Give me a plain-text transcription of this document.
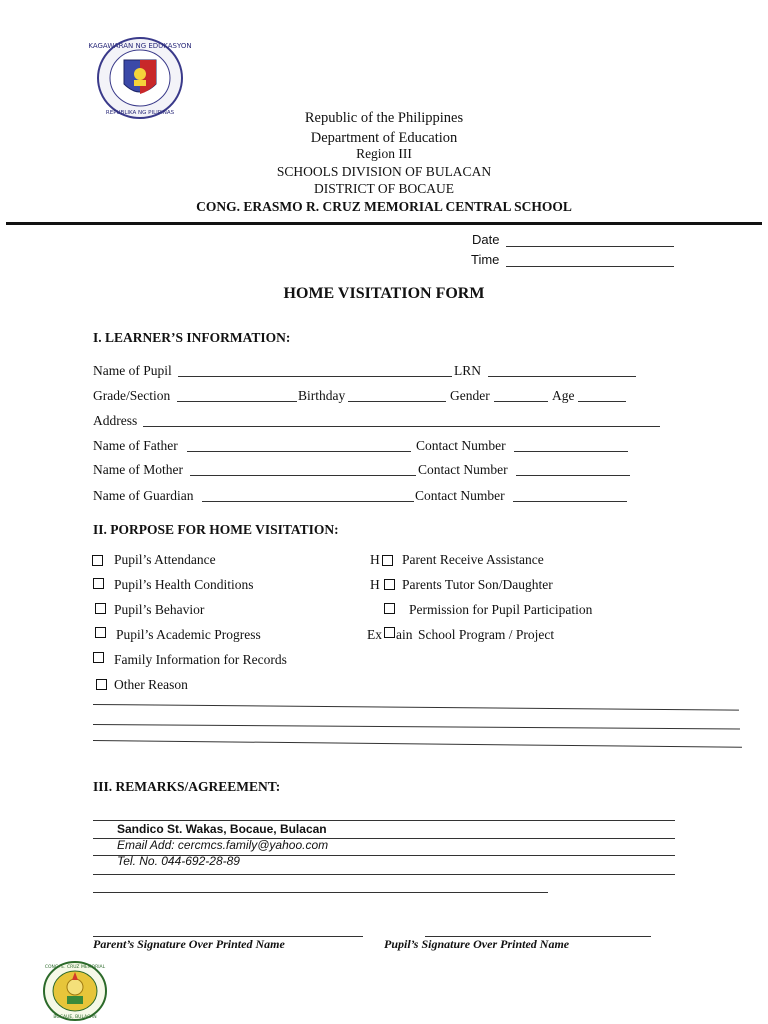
KAGAWARAN NG EDUKASYON
REPUBLIKA NG PILIPINAS	Republic of the Philippines
Department of Education
Region III
SCHOOLS DIVISION OF BULACAN
DISTRICT OF BOCAUE
CONG. ERASMO R. CRUZ MEMORIAL CENTRAL SCHOOL
Date
Time
HOME VISITATION FORM
I. LEARNER’S INFORMATION:
Name of Pupil	LRN
Grade/Section	Birthday	Gender	Age
Address
Name of Father	Contact Number
Name of Mother	Contact Number
Name of Guardian	Contact Number
II. PORPOSE FOR HOME VISITATION:
Pupil’s Attendance
Pupil’s Health Conditions
Pupil’s Behavior
Pupil’s Academic Progress
Family Information for Records
Other Reason
H Parent Receive Assistance
H Parents Tutor Son/Daughter
Permission for Pupil Participation
Ex ain School Program / Project
III. REMARKS/AGREEMENT:
Sandico St. Wakas, Bocaue, Bulacan
Email Add: cercmcs.family@yahoo.com
Tel. No. 044-692-28-89
Parent’s Signature Over Printed Name	Pupil’s Signature Over Printed Name
CONG. E. CRUZ MEMORIAL
BOCAUE, BULACAN
